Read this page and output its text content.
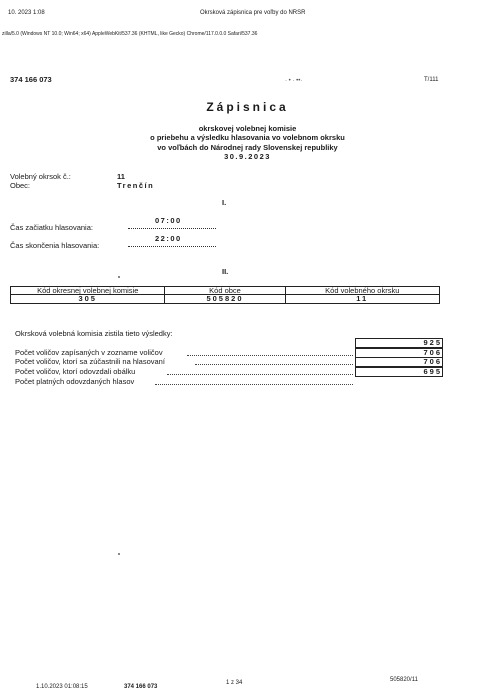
10. 2023 1:08	Okrsková zápisnica pre voľby do NRSR
zilla/5.0 (Windows NT 10.0; Win64; x64) AppleWebKit/537.36 (KHTML, like Gecko) Chrome/117.0.0.0 Safari/537.36
374 166 073	· • · ••·	T/111
Zápisnica
okrskovej volebnej komisie
o priebehu a výsledku hlasovania vo volebnom okrsku
vo voľbách do Národnej rady Slovenskej republiky
30.9.2023
Volebný okrsok č.:	11
Obec:	Trenčín
I.
Čas začiatku hlasovania:
07:00
Čas skončenia hlasovania:
22:00
II.
Kód okresnej volebnej komisie	Kód obce	Kód volebného okrsku
305	505820	11
Okrsková volebná komisia zistila tieto výsledky:
925
Počet voličov zapísaných v zozname voličov	706
Počet voličov, ktorí sa zúčastnili na hlasovaní	706
Počet voličov, ktorí odovzdali obálku	695
Počet platných odovzdaných hlasov
1.10.2023 01:08:15	374 166 073
1 z 34	505820/11
